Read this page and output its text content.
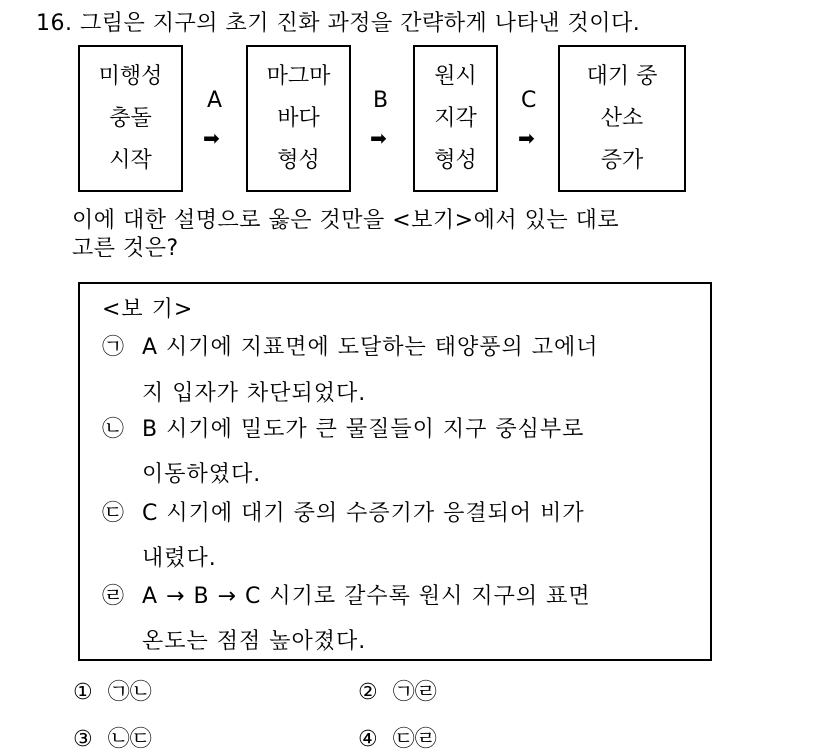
16. 그림은 지구의 초기 진화 과정을 간략하게 나타낸 것이다.
미행성
충돌
시작
A
➡
마그마
바다
형성
B
➡
원시
지각
형성
C
➡
대기 중
산소
증가
이에 대한 설명으로 옳은 것만을 <보기>에서 있는 대로
고른 것은?
<보 기>
㉠ A 시기에 지표면에 도달하는 태양풍의 고에너
지 입자가 차단되었다.
㉡ B 시기에 밀도가 큰 물질들이 지구 중심부로
이동하였다.
㉢ C 시기에 대기 중의 수증기가 응결되어 비가
내렸다.
㉣ A → B → C 시기로 갈수록 원시 지구의 표면
온도는 점점 높아졌다.
① ㉠㉡	② ㉠㉣
③ ㉡㉢	④ ㉢㉣
